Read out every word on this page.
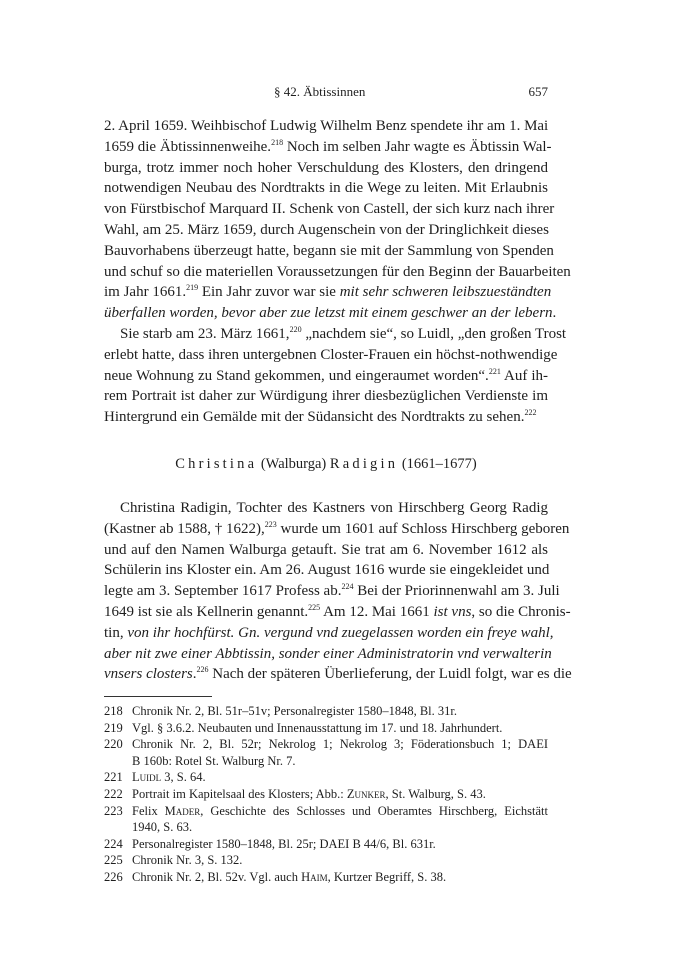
§ 42. Äbtissinnen	657
2. April 1659. Weihbischof Ludwig Wilhelm Benz spendete ihr am 1. Mai
1659 die Äbtissinnenweihe.$^{218}$ Noch im selben Jahr wagte es Äbtissin Wal-
burga, trotz immer noch hoher Verschuldung des Klosters, den dringend
notwendigen Neubau des Nordtrakts in die Wege zu leiten. Mit Erlaubnis
von Fürstbischof Marquard II. Schenk von Castell, der sich kurz nach ihrer
Wahl, am 25. März 1659, durch Augenschein von der Dringlichkeit dieses
Bauvorhabens überzeugt hatte, begann sie mit der Sammlung von Spenden
und schuf so die materiellen Voraussetzungen für den Beginn der Bauarbeiten
im Jahr 1661.$^{219}$ Ein Jahr zuvor war sie mit sehr schweren leibszueständten
überfallen worden, bevor aber zue letzst mit einem geschwer an der lebern.
Sie starb am 23. März 1661,$^{220}$ „nachdem sie“, so Luidl, „den großen Trost
erlebt hatte, dass ihren untergebnen Closter-Frauen ein höchst-nothwendige
neue Wohnung zu Stand gekommen, und eingeraumet worden“.$^{221}$ Auf ih-
rem Portrait ist daher zur Würdigung ihrer diesbezüglichen Verdienste im
Hintergrund ein Gemälde mit der Südansicht des Nordtrakts zu sehen.$^{222}$
Christina (Walburga) Radigin (1661–1677)
Christina Radigin, Tochter des Kastners von Hirschberg Georg Radig
(Kastner ab 1588, † 1622),$^{223}$ wurde um 1601 auf Schloss Hirschberg geboren
und auf den Namen Walburga getauft. Sie trat am 6. November 1612 als
Schülerin ins Kloster ein. Am 26. August 1616 wurde sie eingekleidet und
legte am 3. September 1617 Profess ab.$^{224}$ Bei der Priorinnenwahl am 3. Juli
1649 ist sie als Kellnerin genannt.$^{225}$ Am 12. Mai 1661 ist vns, so die Chronis-
tin, von ihr hochfürst. Gn. vergund vnd zuegelassen worden ein freye wahl,
aber nit zwe einer Abbtissin, sonder einer Administratorin vnd verwalterin
vnsers closters.$^{226}$ Nach der späteren Überlieferung, der Luidl folgt, war es die
218 Chronik Nr. 2, Bl. 51r–51v; Personalregister 1580–1848, Bl. 31r.
219 Vgl. § 3.6.2. Neubauten und Innenausstattung im 17. und 18. Jahrhundert.
220 Chronik Nr. 2, Bl. 52r; Nekrolog 1; Nekrolog 3; Föderationsbuch 1; DAEI
B 160b: Rotel St. Walburg Nr. 7.
221 Luidl 3, S. 64.
222 Portrait im Kapitelsaal des Klosters; Abb.: Zunker, St. Walburg, S. 43.
223 Felix Mader, Geschichte des Schlosses und Oberamtes Hirschberg, Eichstätt
1940, S. 63.
224 Personalregister 1580–1848, Bl. 25r; DAEI B 44/6, Bl. 631r.
225 Chronik Nr. 3, S. 132.
226 Chronik Nr. 2, Bl. 52v. Vgl. auch Haim, Kurtzer Begriff, S. 38.
